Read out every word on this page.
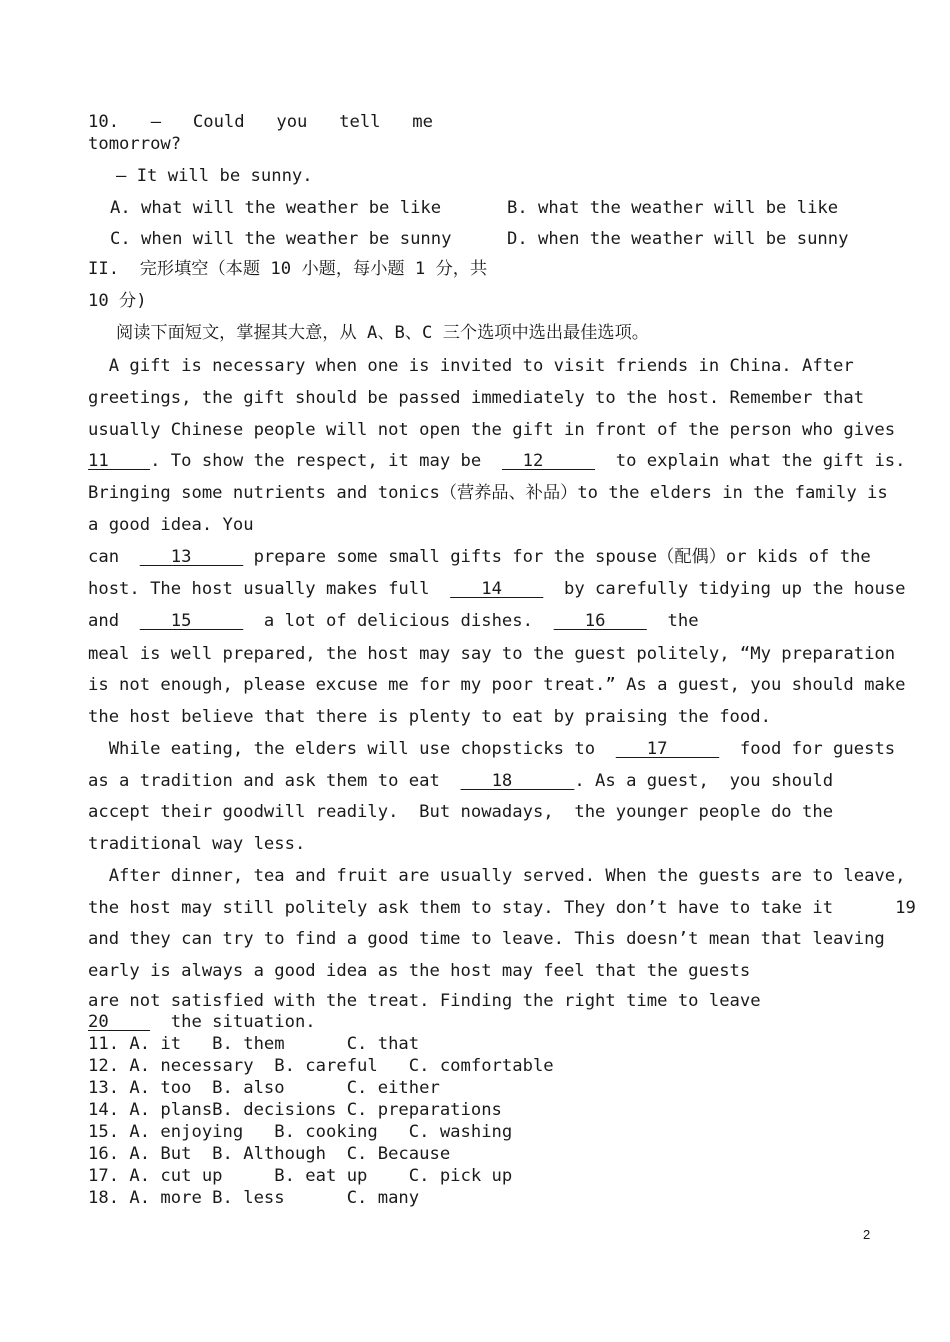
10. — Could you tell me
tomorrow?
— It will be sunny.
A. what will the weather be like	B. what the weather will be like
C. when will the weather be sunny	D. when the weather will be sunny
II.  完形填空（本题 10 小题，每小题 1 分，共
10 分)
阅读下面短文，掌握其大意，从 A、B、C 三个选项中选出最佳选项。
A gift is necessary when one is invited to visit friends in China. After
greetings, the gift should be passed immediately to the host. Remember that
usually Chinese people will not open the gift in front of the person who gives
11    . To show the respect, it may be    12       to explain what the gift is.
Bringing some nutrients and tonics（营养品、补品）to the elders in the family is
a good idea. You
can     13      prepare some small gifts for the spouse（配偶）or kids of the
host. The host usually makes full     14      by carefully tidying up the house
and     15       a lot of delicious dishes.     16      the
meal is well prepared, the host may say to the guest politely, “My preparation
is not enough, please excuse me for my poor treat.” As a guest, you should make
the host believe that there is plenty to eat by praising the food.
While eating, the elders will use chopsticks to     17       food for guests
as a tradition and ask them to eat     18      . As a guest,  you should
accept their goodwill readily.  But nowadays,  the younger people do the
traditional way less.
After dinner, tea and fruit are usually served. When the guests are to leave,
the host may still politely ask them to stay. They don’t have to take it      19
and they can try to find a good time to leave. This doesn’t mean that leaving
early is always a good idea as the host may feel that the guests
are not satisfied with the treat. Finding the right time to leave
20      the situation.
11. A. it   B. them      C. that
12. A. necessary  B. careful   C. comfortable
13. A. too  B. also      C. either
14. A. plansB. decisions C. preparations
15. A. enjoying   B. cooking   C. washing
16. A. But  B. Although  C. Because
17. A. cut up     B. eat up    C. pick up
18. A. more B. less      C. many
2
